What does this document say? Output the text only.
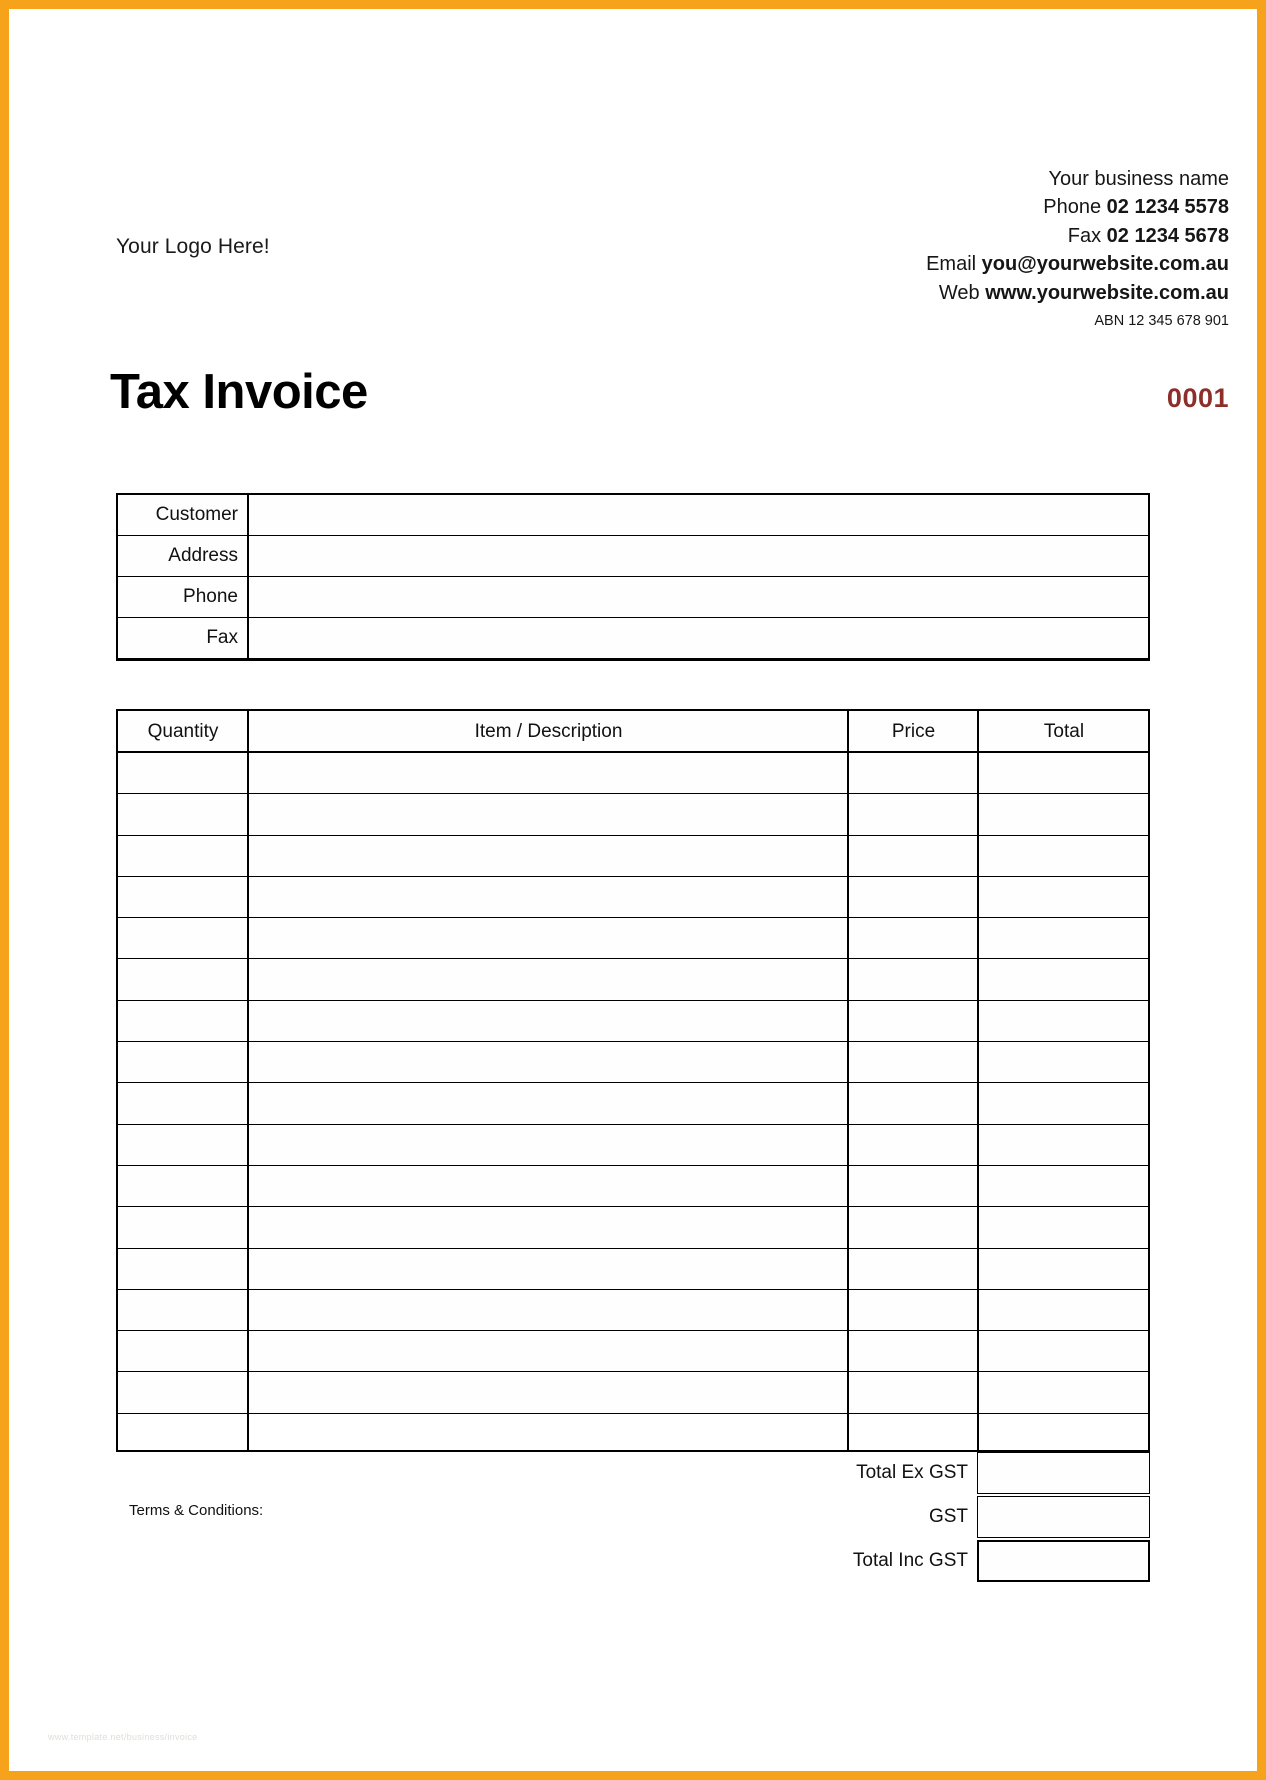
Your Logo Here!
Your business name
Phone 02 1234 5578
Fax 02 1234 5678
Email you@yourwebsite.com.au
Web www.yourwebsite.com.au
ABN 12 345 678 901
Tax Invoice	0001
Customer	
Address	
Phone	
Fax	
Quantity	Item / Description	Price	Total

Total Ex GST
GST
Total Inc GST
Terms & Conditions:
www.template.net/business/invoice
